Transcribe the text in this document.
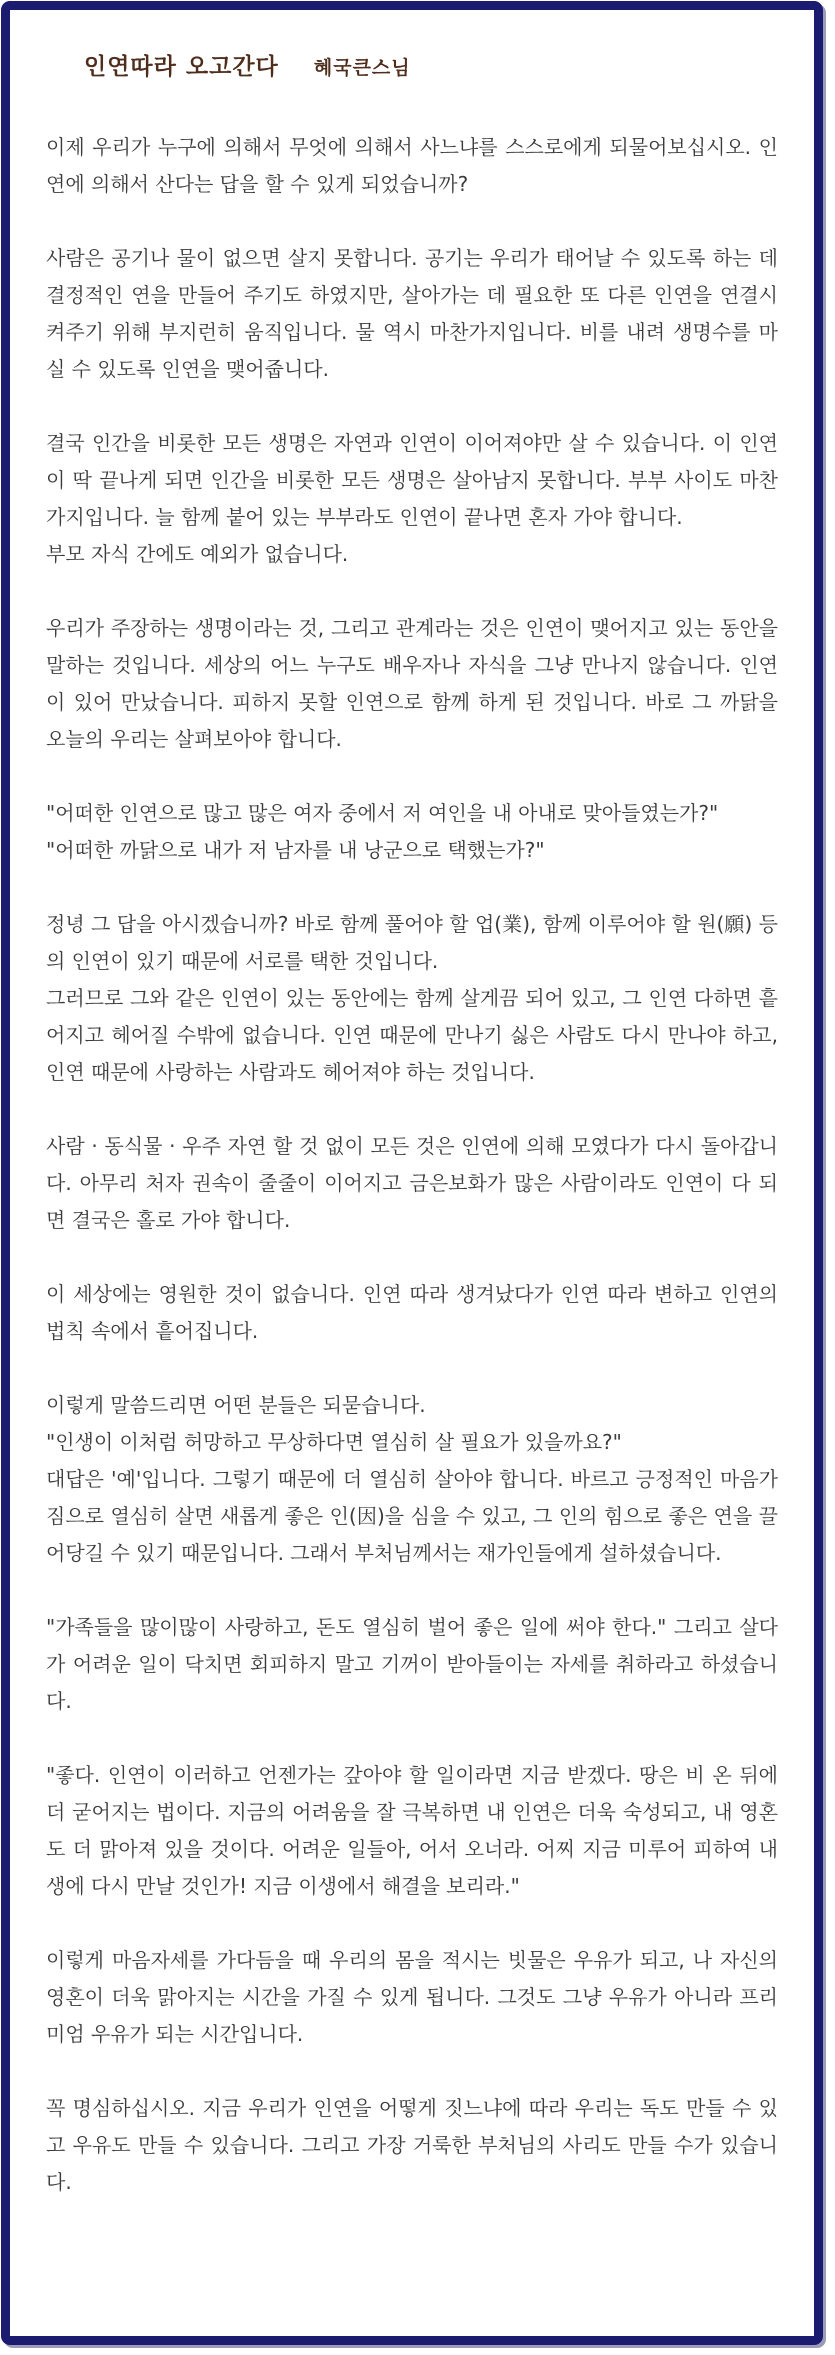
인연따라 오고간다 혜국큰스님

이제 우리가 누구에 의해서 무엇에 의해서 사느냐를 스스로에게 되물어보십시오. 인연에 의해서 산다는 답을 할 수 있게 되었습니까?

사람은 공기나 물이 없으면 살지 못합니다. 공기는 우리가 태어날 수 있도록 하는 데 결정적인 연을 만들어 주기도 하였지만, 살아가는 데 필요한 또 다른 인연을 연결시켜주기 위해 부지런히 움직입니다. 물 역시 마찬가지입니다. 비를 내려 생명수를 마실 수 있도록 인연을 맺어줍니다.

결국 인간을 비롯한 모든 생명은 자연과 인연이 이어져야만 살 수 있습니다. 이 인연이 딱 끝나게 되면 인간을 비롯한 모든 생명은 살아남지 못합니다. 부부 사이도 마찬가지입니다. 늘 함께 붙어 있는 부부라도 인연이 끝나면 혼자 가야 합니다.
부모 자식 간에도 예외가 없습니다.

우리가 주장하는 생명이라는 것, 그리고 관계라는 것은 인연이 맺어지고 있는 동안을 말하는 것입니다. 세상의 어느 누구도 배우자나 자식을 그냥 만나지 않습니다. 인연이 있어 만났습니다. 피하지 못할 인연으로 함께 하게 된 것입니다. 바로 그 까닭을 오늘의 우리는 살펴보아야 합니다.

"어떠한 인연으로 많고 많은 여자 중에서 저 여인을 내 아내로 맞아들였는가?"
"어떠한 까닭으로 내가 저 남자를 내 낭군으로 택했는가?"

정녕 그 답을 아시겠습니까? 바로 함께 풀어야 할 업(業), 함께 이루어야 할 원(願) 등의 인연이 있기 때문에 서로를 택한 것입니다.
그러므로 그와 같은 인연이 있는 동안에는 함께 살게끔 되어 있고, 그 인연 다하면 흩어지고 헤어질 수밖에 없습니다. 인연 때문에 만나기 싫은 사람도 다시 만나야 하고, 인연 때문에 사랑하는 사람과도 헤어져야 하는 것입니다.

사람 · 동식물 · 우주 자연 할 것 없이 모든 것은 인연에 의해 모였다가 다시 돌아갑니다. 아무리 처자 권속이 줄줄이 이어지고 금은보화가 많은 사람이라도 인연이 다 되면 결국은 홀로 가야 합니다.

이 세상에는 영원한 것이 없습니다. 인연 따라 생겨났다가 인연 따라 변하고 인연의 법칙 속에서 흩어집니다.

이렇게 말씀드리면 어떤 분들은 되묻습니다.
"인생이 이처럼 허망하고 무상하다면 열심히 살 필요가 있을까요?"
대답은 '예'입니다. 그렇기 때문에 더 열심히 살아야 합니다. 바르고 긍정적인 마음가짐으로 열심히 살면 새롭게 좋은 인(因)을 심을 수 있고, 그 인의 힘으로 좋은 연을 끌어당길 수 있기 때문입니다. 그래서 부처님께서는 재가인들에게 설하셨습니다.

"가족들을 많이많이 사랑하고, 돈도 열심히 벌어 좋은 일에 써야 한다." 그리고 살다가 어려운 일이 닥치면 회피하지 말고 기꺼이 받아들이는 자세를 취하라고 하셨습니다.

"좋다. 인연이 이러하고 언젠가는 갚아야 할 일이라면 지금 받겠다. 땅은 비 온 뒤에 더 굳어지는 법이다. 지금의 어려움을 잘 극복하면 내 인연은 더욱 숙성되고, 내 영혼도 더 맑아져 있을 것이다. 어려운 일들아, 어서 오너라. 어찌 지금 미루어 피하여 내생에 다시 만날 것인가! 지금 이생에서 해결을 보리라."

이렇게 마음자세를 가다듬을 때 우리의 몸을 적시는 빗물은 우유가 되고, 나 자신의 영혼이 더욱 맑아지는 시간을 가질 수 있게 됩니다. 그것도 그냥 우유가 아니라 프리미엄 우유가 되는 시간입니다.

꼭 명심하십시오. 지금 우리가 인연을 어떻게 짓느냐에 따라 우리는 독도 만들 수 있고 우유도 만들 수 있습니다. 그리고 가장 거룩한 부처님의 사리도 만들 수가 있습니다.
